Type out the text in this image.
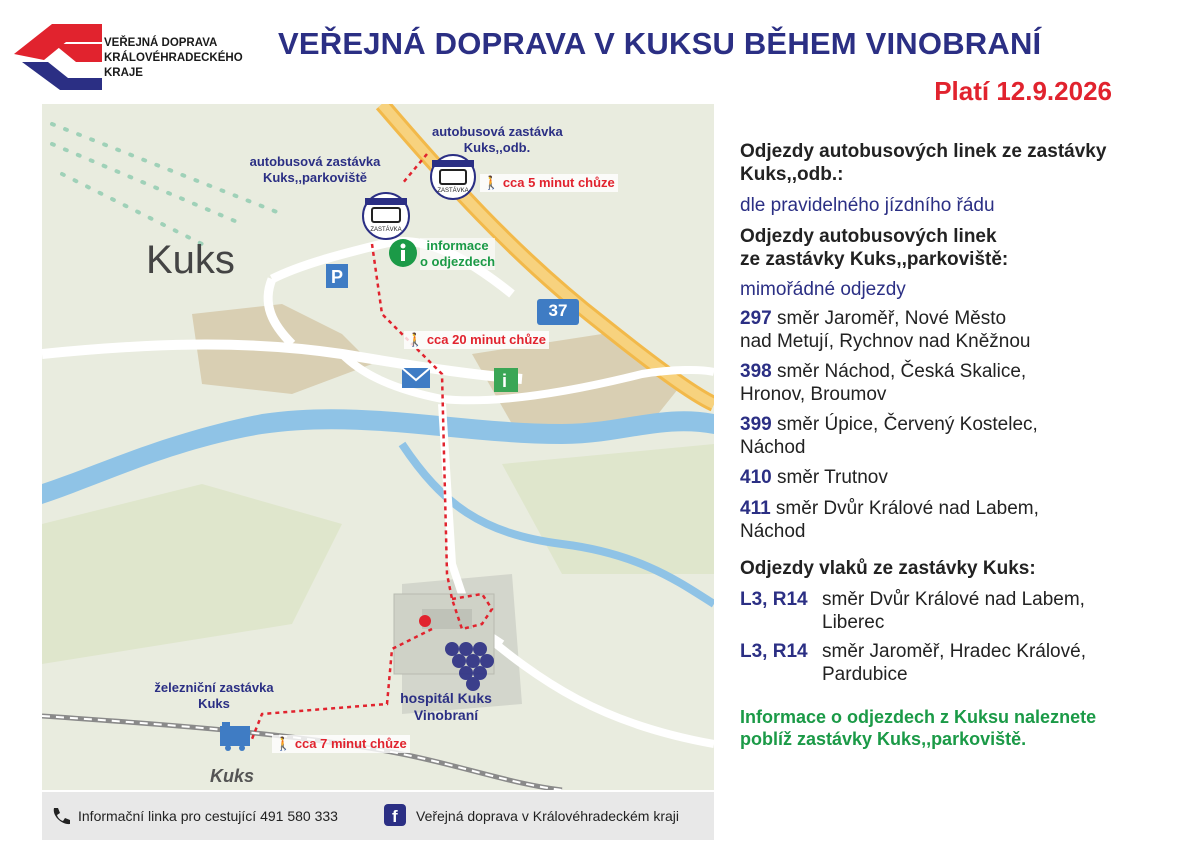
VEŘEJNÁ DOPRAVA
KRÁLOVÉHRADECKÉHO
KRAJE
VEŘEJNÁ DOPRAVA V KUKSU BĚHEM VINOBRANÍ
Platí 12.9.2026
P
i
37
autobusová zastávka
Kuks,,odb.
ZASTÁVKA
🚶 cca 5 minut chůze
autobusová zastávka
Kuks,,parkoviště
ZASTÁVKA
informace
o odjezdech
Kuks
🚶 cca 20 minut chůze
hospitál Kuks
Vinobraní
železniční zastávka
Kuks
🚶 cca 7 minut chůze
Kuks
Informační linka pro cestující 491 580 333	f Veřejná doprava v Královéhradeckém kraji
Odjezdy autobusových linek ze zastávky Kuks,,odb.:
dle pravidelného jízdního řádu
Odjezdy autobusových linek
ze zastávky Kuks,,parkoviště:
mimořádné odjezdy
297 směr Jaroměř, Nové Město
nad Metují, Rychnov nad Kněžnou
398 směr Náchod, Česká Skalice,
Hronov, Broumov
399 směr Úpice, Červený Kostelec,
Náchod
410 směr Trutnov
411 směr Dvůr Králové nad Labem,
Náchod
Odjezdy vlaků ze zastávky Kuks:
L3, R14 směr Dvůr Králové nad Labem,
Liberec
L3, R14 směr Jaroměř, Hradec Králové,
Pardubice
Informace o odjezdech z Kuksu naleznete
poblíž zastávky Kuks,,parkoviště.
